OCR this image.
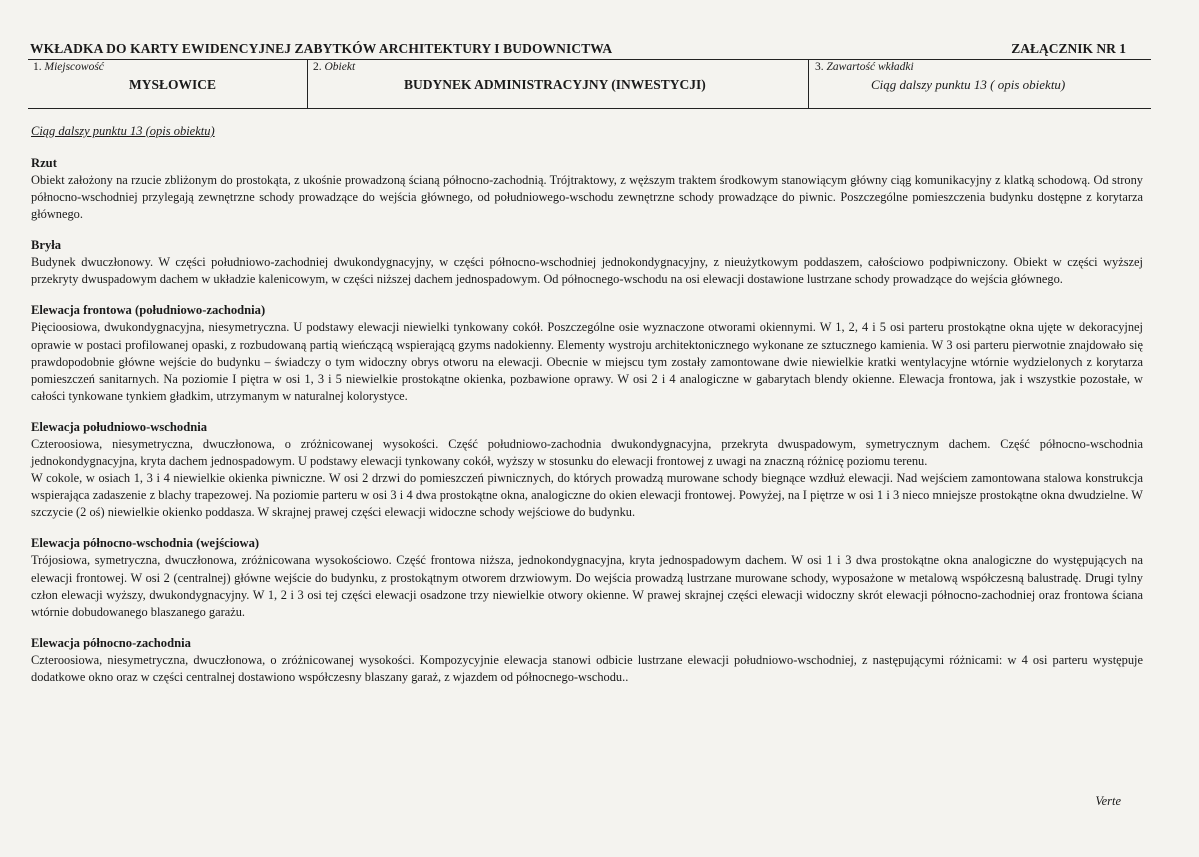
WKŁADKA DO KARTY EWIDENCYJNEJ ZABYTKÓW ARCHITEKTURY I BUDOWNICTWA	ZAŁĄCZNIK NR 1
1. Miejscowość
MYSŁOWICE
2. Obiekt
BUDYNEK ADMINISTRACYJNY (INWESTYCJI)
3. Zawartość wkładki
Ciąg dalszy punktu 13 ( opis obiektu)
Ciąg dalszy punktu 13 (opis obiektu)
Rzut

Obiekt założony na rzucie zbliżonym do prostokąta, z ukośnie prowadzoną ścianą północno-zachodnią. Trójtraktowy, z węższym traktem środkowym stanowiącym główny ciąg komunikacyjny z klatką schodową. Od strony północno-wschodniej przylegają zewnętrzne schody prowadzące do wejścia głównego, od południowego-wschodu zewnętrzne schody prowadzące do piwnic. Poszczególne pomieszczenia budynku dostępne z korytarza głównego.

Bryła

Budynek dwuczłonowy. W części południowo-zachodniej dwukondygnacyjny, w części północno-wschodniej jednokondygnacyjny, z nieużytkowym poddaszem, całościowo podpiwniczony. Obiekt w części wyższej przekryty dwuspadowym dachem w układzie kalenicowym, w części niższej dachem jednospadowym. Od północnego-wschodu na osi elewacji dostawione lustrzane schody prowadzące do wejścia głównego.

Elewacja frontowa (południowo-zachodnia)

Pięcioosiowa, dwukondygnacyjna, niesymetryczna. U podstawy elewacji niewielki tynkowany cokół. Poszczególne osie wyznaczone otworami okiennymi. W 1, 2, 4 i 5 osi parteru prostokątne okna ujęte w dekoracyjnej oprawie w postaci profilowanej opaski, z rozbudowaną partią wieńczącą wspierającą gzyms nadokienny. Elementy wystroju architektonicznego wykonane ze sztucznego kamienia. W 3 osi parteru pierwotnie znajdowało się prawdopodobnie główne wejście do budynku – świadczy o tym widoczny obrys otworu na elewacji. Obecnie w miejscu tym zostały zamontowane dwie niewielkie kratki wentylacyjne wtórnie wydzielonych z korytarza pomieszczeń sanitarnych. Na poziomie I piętra w osi 1, 3 i 5 niewielkie prostokątne okienka, pozbawione oprawy. W osi 2 i 4 analogiczne w gabarytach blendy okienne. Elewacja frontowa, jak i wszystkie pozostałe, w całości tynkowane tynkiem gładkim, utrzymanym w naturalnej kolorystyce.

Elewacja południowo-wschodnia

Czteroosiowa, niesymetryczna, dwuczłonowa, o zróżnicowanej wysokości. Część południowo-zachodnia dwukondygnacyjna, przekryta dwuspadowym, symetrycznym dachem. Część północno-wschodnia jednokondygnacyjna, kryta dachem jednospadowym. U podstawy elewacji tynkowany cokół, wyższy w stosunku do elewacji frontowej z uwagi na znaczną różnicę poziomu terenu.

W cokole, w osiach 1, 3 i 4 niewielkie okienka piwniczne. W osi 2 drzwi do pomieszczeń piwnicznych, do których prowadzą murowane schody biegnące wzdłuż elewacji. Nad wejściem zamontowana stalowa konstrukcja wspierająca zadaszenie z blachy trapezowej. Na poziomie parteru w osi 3 i 4 dwa prostokątne okna, analogiczne do okien elewacji frontowej. Powyżej, na I piętrze w osi 1 i 3 nieco mniejsze prostokątne okna dwudzielne. W szczycie (2 oś) niewielkie okienko poddasza. W skrajnej prawej części elewacji widoczne schody wejściowe do budynku.

Elewacja północno-wschodnia (wejściowa)

Trójosiowa, symetryczna, dwuczłonowa, zróżnicowana wysokościowo. Część frontowa niższa, jednokondygnacyjna, kryta jednospadowym dachem. W osi 1 i 3 dwa prostokątne okna analogiczne do występujących na elewacji frontowej. W osi 2 (centralnej) główne wejście do budynku, z prostokątnym otworem drzwiowym. Do wejścia prowadzą lustrzane murowane schody, wyposażone w metalową współczesną balustradę. Drugi tylny człon elewacji wyższy, dwukondygnacyjny. W 1, 2 i 3 osi tej części elewacji osadzone trzy niewielkie otwory okienne. W prawej skrajnej części elewacji widoczny skrót elewacji północno-zachodniej oraz frontowa ściana wtórnie dobudowanego blaszanego garażu.

Elewacja północno-zachodnia

Czteroosiowa, niesymetryczna, dwuczłonowa, o zróżnicowanej wysokości. Kompozycyjnie elewacja stanowi odbicie lustrzane elewacji południowo-wschodniej, z następującymi różnicami: w 4 osi parteru występuje dodatkowe okno oraz w części centralnej dostawiono współczesny blaszany garaż, z wjazdem od północnego-wschodu..

Verte
